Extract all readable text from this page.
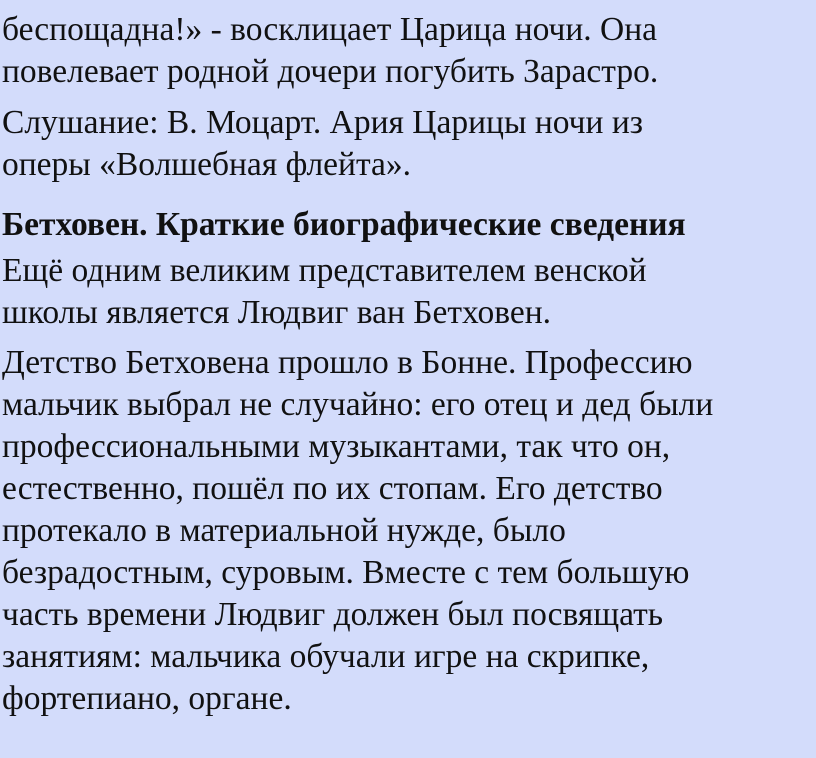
беспощадна!» - восклицает Царица ночи. Она
повелевает родной дочери погубить Зарастро.

Слушание: В. Моцарт. Ария Царицы ночи из
оперы «Волшебная флейта».

Бетховен. Краткие биографические сведения

Ещё одним великим представителем венской
школы является Людвиг ван Бетховен.

Детство Бетховена прошло в Бонне. Профессию
мальчик выбрал не случайно: его отец и дед были
профессиональными музыкантами, так что он,
естественно, пошёл по их стопам. Его детство
протекало в материальной нужде, было
безрадостным, суровым. Вместе с тем большую
часть времени Людвиг должен был посвящать
занятиям: мальчика обучали игре на скрипке,
фортепиано, органе.
